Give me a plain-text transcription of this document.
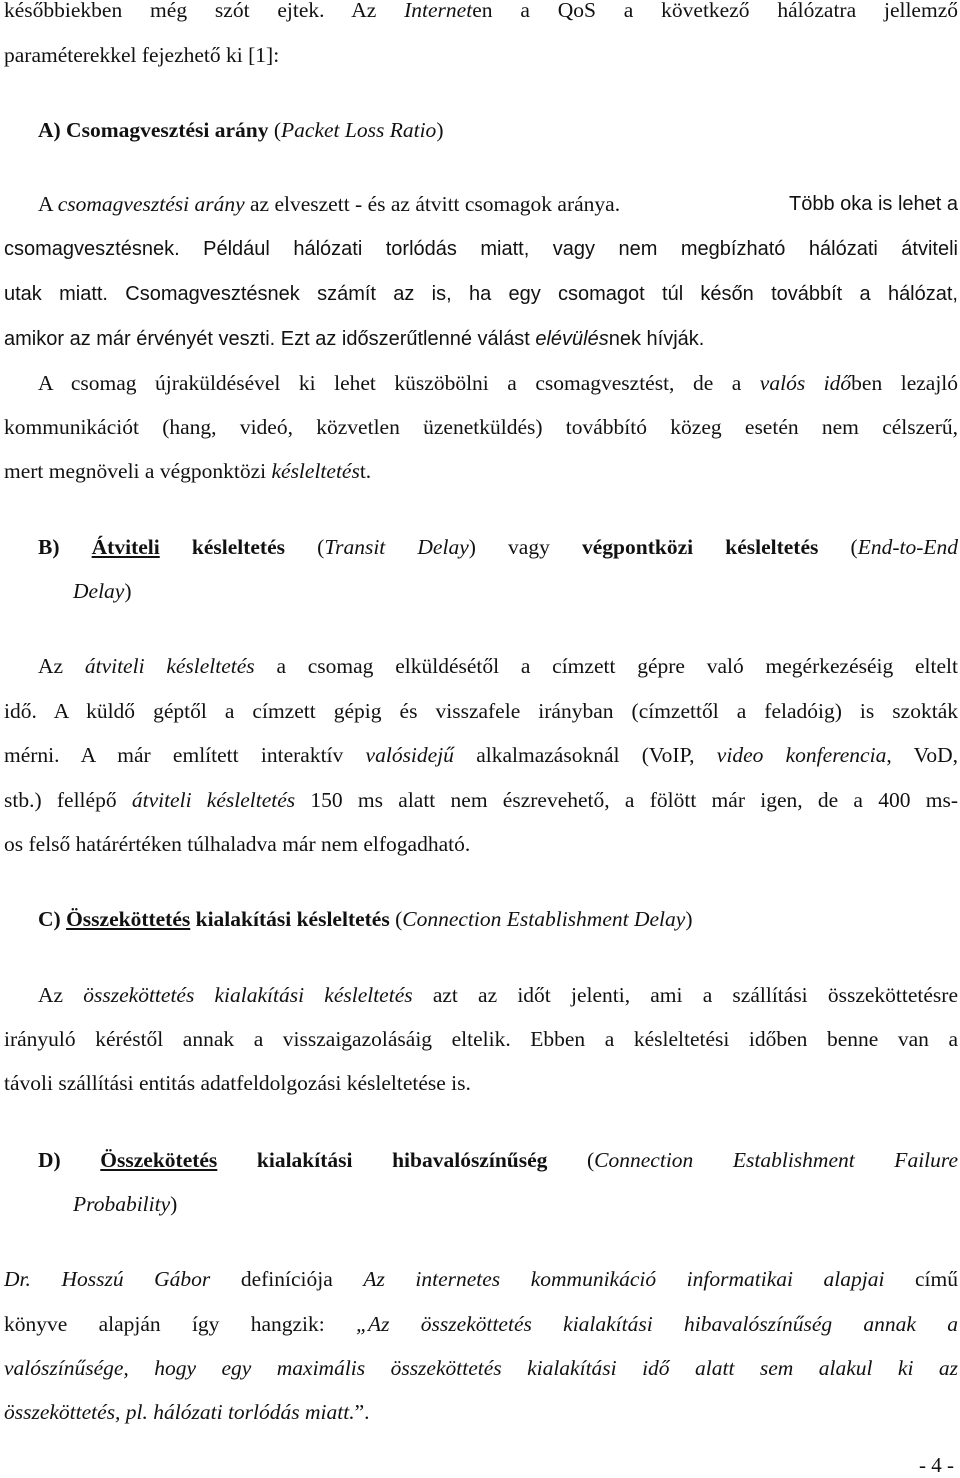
későbbiekben még szót ejtek. Az Interneten a QoS a következő hálózatra jellemző
paraméterekkel fejezhető ki [1]:
A) Csomagvesztési arány (Packet Loss Ratio)
A csomagvesztési arány az elveszett - és az átvitt csomagok aránya.	Több oka is lehet a
csomagvesztésnek. Például hálózati torlódás miatt, vagy nem megbízható hálózati átviteli
utak miatt. Csomagvesztésnek számít az is, ha egy csomagot túl későn továbbít a hálózat,
amikor az már érvényét veszti. Ezt az időszerűtlenné válást elévülésnek hívják.
A csomag újraküldésével ki lehet küszöbölni a csomagvesztést, de a valós időben lezajló
kommunikációt (hang, videó, közvetlen üzenetküldés) továbbító közeg esetén nem célszerű,
mert megnöveli a végponktözi késleltetést.
B) Átviteli késleltetés (Transit Delay) vagy végpontközi késleltetés (End-to-End
Delay)
Az átviteli késleltetés a csomag elküldésétől a címzett gépre való megérkezéséig eltelt
idő. A küldő géptől a címzett gépig és visszafele irányban (címzettől a feladóig) is szokták
mérni. A már említett interaktív valósidejű alkalmazásoknál (VoIP, video konferencia, VoD,
stb.) fellépő átviteli késleltetés 150 ms alatt nem észrevehető, a fölött már igen, de a 400 ms-
os felső határértéken túlhaladva már nem elfogadható.
C) Összeköttetés kialakítási késleltetés (Connection Establishment Delay)
Az összeköttetés kialakítási késleltetés azt az időt jelenti, ami a szállítási összeköttetésre
irányuló kéréstől annak a visszaigazolásáig eltelik. Ebben a késleltetési időben benne van a
távoli szállítási entitás adatfeldolgozási késleltetése is.
D) Összekötetés kialakítási hibavalószínűség (Connection Establishment Failure
Probability)
Dr. Hosszú Gábor definíciója Az internetes kommunikáció informatikai alapjai című
könyve alapján így hangzik: „Az összeköttetés kialakítási hibavalószínűség annak a
valószínűsége, hogy egy maximális összeköttetés kialakítási idő alatt sem alakul ki az
összeköttetés, pl. hálózati torlódás miatt.”.
- 4 -
